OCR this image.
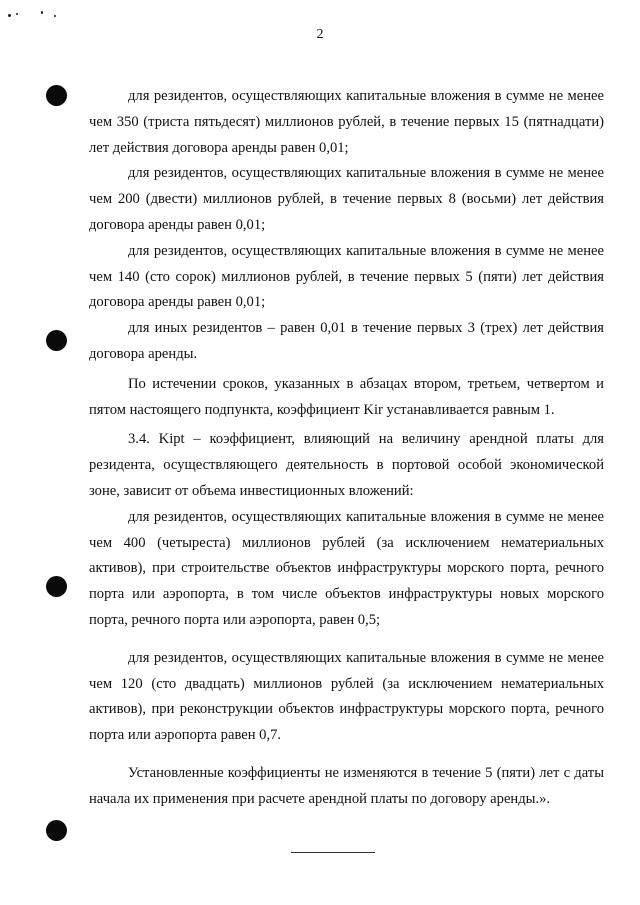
2

для резидентов, осуществляющих капитальные вложения в сумме не менее чем 350 (триста пятьдесят) миллионов рублей, в течение первых 15 (пятнадцати) лет действия договора аренды равен 0,01;

для резидентов, осуществляющих капитальные вложения в сумме не менее чем 200 (двести) миллионов рублей, в течение первых 8 (восьми) лет действия договора аренды равен 0,01;

для резидентов, осуществляющих капитальные вложения в сумме не менее чем 140 (сто сорок) миллионов рублей, в течение первых 5 (пяти) лет действия договора аренды равен 0,01;

для иных резидентов – равен 0,01 в течение первых 3 (трех) лет действия договора аренды.

По истечении сроков, указанных в абзацах втором, третьем, четвертом и пятом настоящего подпункта, коэффициент Kir устанавливается равным 1.

3.4. Kipt – коэффициент, влияющий на величину арендной платы для резидента, осуществляющего деятельность в портовой особой экономической зоне, зависит от объема инвестиционных вложений:

для резидентов, осуществляющих капитальные вложения в сумме не менее чем 400 (четыреста) миллионов рублей (за исключением нематериальных активов), при строительстве объектов инфраструктуры морского порта, речного порта или аэропорта, в том числе объектов инфраструктуры новых морского порта, речного порта или аэропорта, равен 0,5;

для резидентов, осуществляющих капитальные вложения в сумме не менее чем 120 (сто двадцать) миллионов рублей (за исключением нематериальных активов), при реконструкции объектов инфраструктуры морского порта, речного порта или аэропорта равен 0,7.

Установленные коэффициенты не изменяются в течение 5 (пяти) лет с даты начала их применения при расчете арендной платы по договору аренды.».
